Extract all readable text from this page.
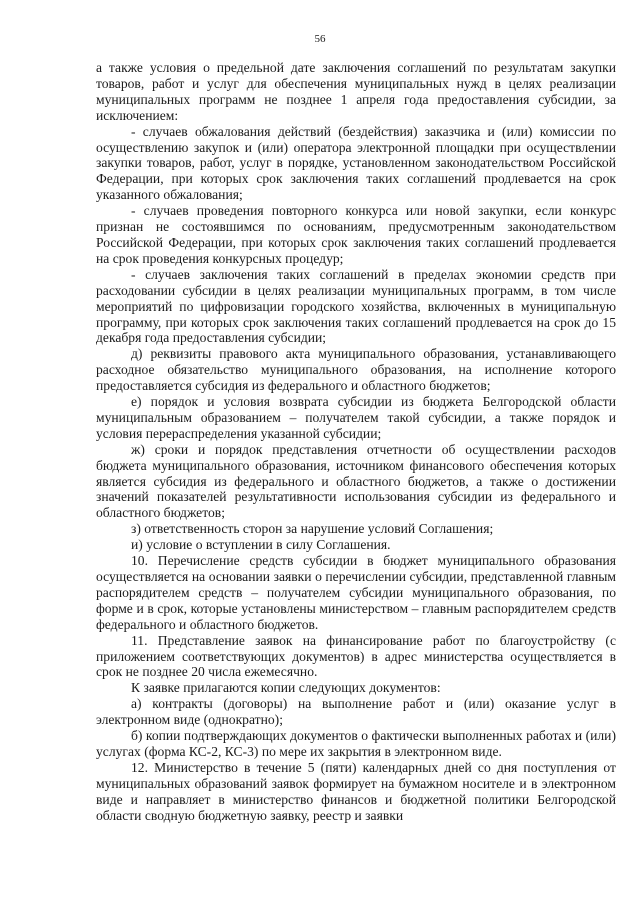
56

а также условия о предельной дате заключения соглашений по результатам закупки товаров, работ и услуг для обеспечения муниципальных нужд в целях реализации муниципальных программ не позднее 1 апреля года предоставления субсидии, за исключением:

- случаев обжалования действий (бездействия) заказчика и (или) комиссии по осуществлению закупок и (или) оператора электронной площадки при осуществлении закупки товаров, работ, услуг в порядке, установленном законодательством Российской Федерации, при которых срок заключения таких соглашений продлевается на срок указанного обжалования;

- случаев проведения повторного конкурса или новой закупки, если конкурс признан не состоявшимся по основаниям, предусмотренным законодательством Российской Федерации, при которых срок заключения таких соглашений продлевается на срок проведения конкурсных процедур;

- случаев заключения таких соглашений в пределах экономии средств при расходовании субсидии в целях реализации муниципальных программ, в том числе мероприятий по цифровизации городского хозяйства, включенных в муниципальную программу, при которых срок заключения таких соглашений продлевается на срок до 15 декабря года предоставления субсидии;

д) реквизиты правового акта муниципального образования, устанавливающего расходное обязательство муниципального образования, на исполнение которого предоставляется субсидия из федерального и областного бюджетов;

е) порядок и условия возврата субсидии из бюджета Белгородской области муниципальным образованием – получателем такой субсидии, а также порядок и условия перераспределения указанной субсидии;

ж) сроки и порядок представления отчетности об осуществлении расходов бюджета муниципального образования, источником финансового обеспечения которых является субсидия из федерального и областного бюджетов, а также о достижении значений показателей результативности использования субсидии из федерального и областного бюджетов;

з) ответственность сторон за нарушение условий Соглашения;

и) условие о вступлении в силу Соглашения.

10. Перечисление средств субсидии в бюджет муниципального образования осуществляется на основании заявки о перечислении субсидии, представленной главным распорядителем средств – получателем субсидии муниципального образования, по форме и в срок, которые установлены министерством – главным распорядителем средств федерального и областного бюджетов.

11. Представление заявок на финансирование работ по благоустройству (с приложением соответствующих документов) в адрес министерства осуществляется в срок не позднее 20 числа ежемесячно.

К заявке прилагаются копии следующих документов:

а) контракты (договоры) на выполнение работ и (или) оказание услуг в электронном виде (однократно);

б) копии подтверждающих документов о фактически выполненных работах и (или) услугах (форма КС-2, КС-3) по мере их закрытия в электронном виде.

12. Министерство в течение 5 (пяти) календарных дней со дня поступления от муниципальных образований заявок формирует на бумажном носителе и в электронном виде и направляет в министерство финансов и бюджетной политики Белгородской области сводную бюджетную заявку, реестр и заявки
